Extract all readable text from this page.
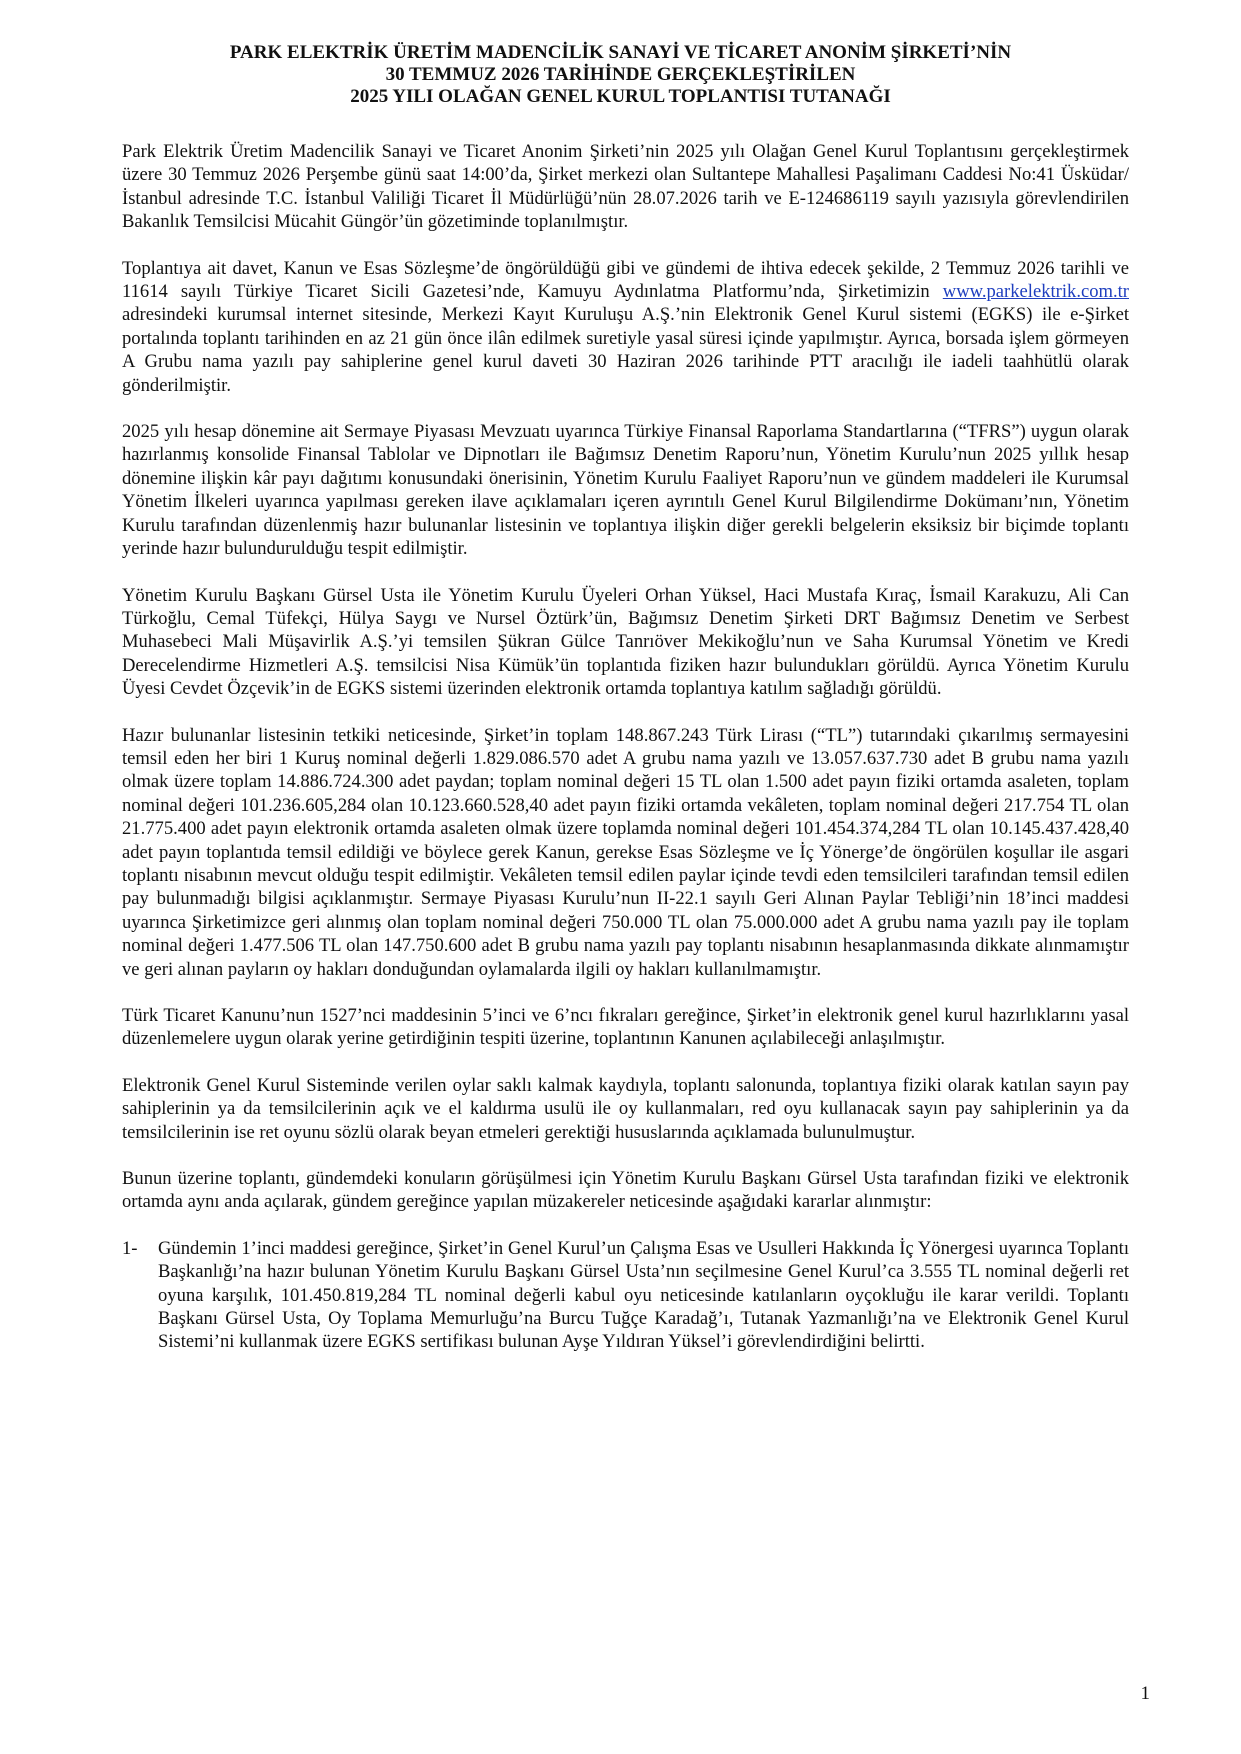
PARK ELEKTRİK ÜRETİM MADENCİLİK SANAYİ VE TİCARET ANONİM ŞİRKETİ’NİN
30 TEMMUZ 2026 TARİHİNDE GERÇEKLEŞTİRİLEN
2025 YILI OLAĞAN GENEL KURUL TOPLANTISI TUTANAĞI

Park Elektrik Üretim Madencilik Sanayi ve Ticaret Anonim Şirketi’nin 2025 yılı Olağan Genel Kurul Toplantısını gerçekleştirmek üzere 30 Temmuz 2026 Perşembe günü saat 14:00’da, Şirket merkezi olan Sultantepe Mahallesi Paşalimanı Caddesi No:41 Üsküdar/İstanbul adresinde T.C. İstanbul Valiliği Ticaret İl Müdürlüğü’nün 28.07.2026 tarih ve E-124686119 sayılı yazısıyla görevlendirilen Bakanlık Temsilcisi Mücahit Güngör’ün gözetiminde toplanılmıştır.

Toplantıya ait davet, Kanun ve Esas Sözleşme’de öngörüldüğü gibi ve gündemi de ihtiva edecek şekilde, 2 Temmuz 2026 tarihli ve 11614 sayılı Türkiye Ticaret Sicili Gazetesi’nde, Kamuyu Aydınlatma Platformu’nda, Şirketimizin www.parkelektrik.com.tr adresindeki kurumsal internet sitesinde, Merkezi Kayıt Kuruluşu A.Ş.’nin Elektronik Genel Kurul sistemi (EGKS) ile e-Şirket portalında toplantı tarihinden en az 21 gün önce ilân edilmek suretiyle yasal süresi içinde yapılmıştır. Ayrıca, borsada işlem görmeyen A Grubu nama yazılı pay sahiplerine genel kurul daveti 30 Haziran 2026 tarihinde PTT aracılığı ile iadeli taahhütlü olarak gönderilmiştir.

2025 yılı hesap dönemine ait Sermaye Piyasası Mevzuatı uyarınca Türkiye Finansal Raporlama Standartlarına (“TFRS”) uygun olarak hazırlanmış konsolide Finansal Tablolar ve Dipnotları ile Bağımsız Denetim Raporu’nun, Yönetim Kurulu’nun 2025 yıllık hesap dönemine ilişkin kâr payı dağıtımı konusundaki önerisinin, Yönetim Kurulu Faaliyet Raporu’nun ve gündem maddeleri ile Kurumsal Yönetim İlkeleri uyarınca yapılması gereken ilave açıklamaları içeren ayrıntılı Genel Kurul Bilgilendirme Dokümanı’nın, Yönetim Kurulu tarafından düzenlenmiş hazır bulunanlar listesinin ve toplantıya ilişkin diğer gerekli belgelerin eksiksiz bir biçimde toplantı yerinde hazır bulundurulduğu tespit edilmiştir.

Yönetim Kurulu Başkanı Gürsel Usta ile Yönetim Kurulu Üyeleri Orhan Yüksel, Haci Mustafa Kıraç, İsmail Karakuzu, Ali Can Türkoğlu, Cemal Tüfekçi, Hülya Saygı ve Nursel Öztürk’ün, Bağımsız Denetim Şirketi DRT Bağımsız Denetim ve Serbest Muhasebeci Mali Müşavirlik A.Ş.’yi temsilen Şükran Gülce Tanrıöver Mekikoğlu’nun ve Saha Kurumsal Yönetim ve Kredi Derecelendirme Hizmetleri A.Ş. temsilcisi Nisa Kümük’ün toplantıda fiziken hazır bulundukları görüldü. Ayrıca Yönetim Kurulu Üyesi Cevdet Özçevik’in de EGKS sistemi üzerinden elektronik ortamda toplantıya katılım sağladığı görüldü.

Hazır bulunanlar listesinin tetkiki neticesinde, Şirket’in toplam 148.867.243 Türk Lirası (“TL”) tutarındaki çıkarılmış sermayesini temsil eden her biri 1 Kuruş nominal değerli 1.829.086.570 adet A grubu nama yazılı ve 13.057.637.730 adet B grubu nama yazılı olmak üzere toplam 14.886.724.300 adet paydan; toplam nominal değeri 15 TL olan 1.500 adet payın fiziki ortamda asaleten, toplam nominal değeri 101.236.605,284 olan 10.123.660.528,40 adet payın fiziki ortamda vekâleten, toplam nominal değeri 217.754 TL olan 21.775.400 adet payın elektronik ortamda asaleten olmak üzere toplamda nominal değeri 101.454.374,284 TL olan 10.145.437.428,40 adet payın toplantıda temsil edildiği ve böylece gerek Kanun, gerekse Esas Sözleşme ve İç Yönerge’de öngörülen koşullar ile asgari toplantı nisabının mevcut olduğu tespit edilmiştir. Vekâleten temsil edilen paylar içinde tevdi eden temsilcileri tarafından temsil edilen pay bulunmadığı bilgisi açıklanmıştır. Sermaye Piyasası Kurulu’nun II-22.1 sayılı Geri Alınan Paylar Tebliği’nin 18’inci maddesi uyarınca Şirketimizce geri alınmış olan toplam nominal değeri 750.000 TL olan 75.000.000 adet A grubu nama yazılı pay ile toplam nominal değeri 1.477.506 TL olan 147.750.600 adet B grubu nama yazılı pay toplantı nisabının hesaplanmasında dikkate alınmamıştır ve geri alınan payların oy hakları donduğundan oylamalarda ilgili oy hakları kullanılmamıştır.

Türk Ticaret Kanunu’nun 1527’nci maddesinin 5’inci ve 6’ncı fıkraları gereğince, Şirket’in elektronik genel kurul hazırlıklarını yasal düzenlemelere uygun olarak yerine getirdiğinin tespiti üzerine, toplantının Kanunen açılabileceği anlaşılmıştır.

Elektronik Genel Kurul Sisteminde verilen oylar saklı kalmak kaydıyla, toplantı salonunda, toplantıya fiziki olarak katılan sayın pay sahiplerinin ya da temsilcilerinin açık ve el kaldırma usulü ile oy kullanmaları, red oyu kullanacak sayın pay sahiplerinin ya da temsilcilerinin ise ret oyunu sözlü olarak beyan etmeleri gerektiği hususlarında açıklamada bulunulmuştur.

Bunun üzerine toplantı, gündemdeki konuların görüşülmesi için Yönetim Kurulu Başkanı Gürsel Usta tarafından fiziki ve elektronik ortamda aynı anda açılarak, gündem gereğince yapılan müzakereler neticesinde aşağıdaki kararlar alınmıştır:

1-	Gündemin 1’inci maddesi gereğince, Şirket’in Genel Kurul’un Çalışma Esas ve Usulleri Hakkında İç Yönergesi uyarınca Toplantı Başkanlığı’na hazır bulunan Yönetim Kurulu Başkanı Gürsel Usta’nın seçilmesine Genel Kurul’ca 3.555 TL nominal değerli ret oyuna karşılık, 101.450.819,284 TL nominal değerli kabul oyu neticesinde katılanların oyçokluğu ile karar verildi. Toplantı Başkanı Gürsel Usta, Oy Toplama Memurluğu’na Burcu Tuğçe Karadağ’ı, Tutanak Yazmanlığı’na ve Elektronik Genel Kurul Sistemi’ni kullanmak üzere EGKS sertifikası bulunan Ayşe Yıldıran Yüksel’i görevlendirdiğini belirtti.
1
